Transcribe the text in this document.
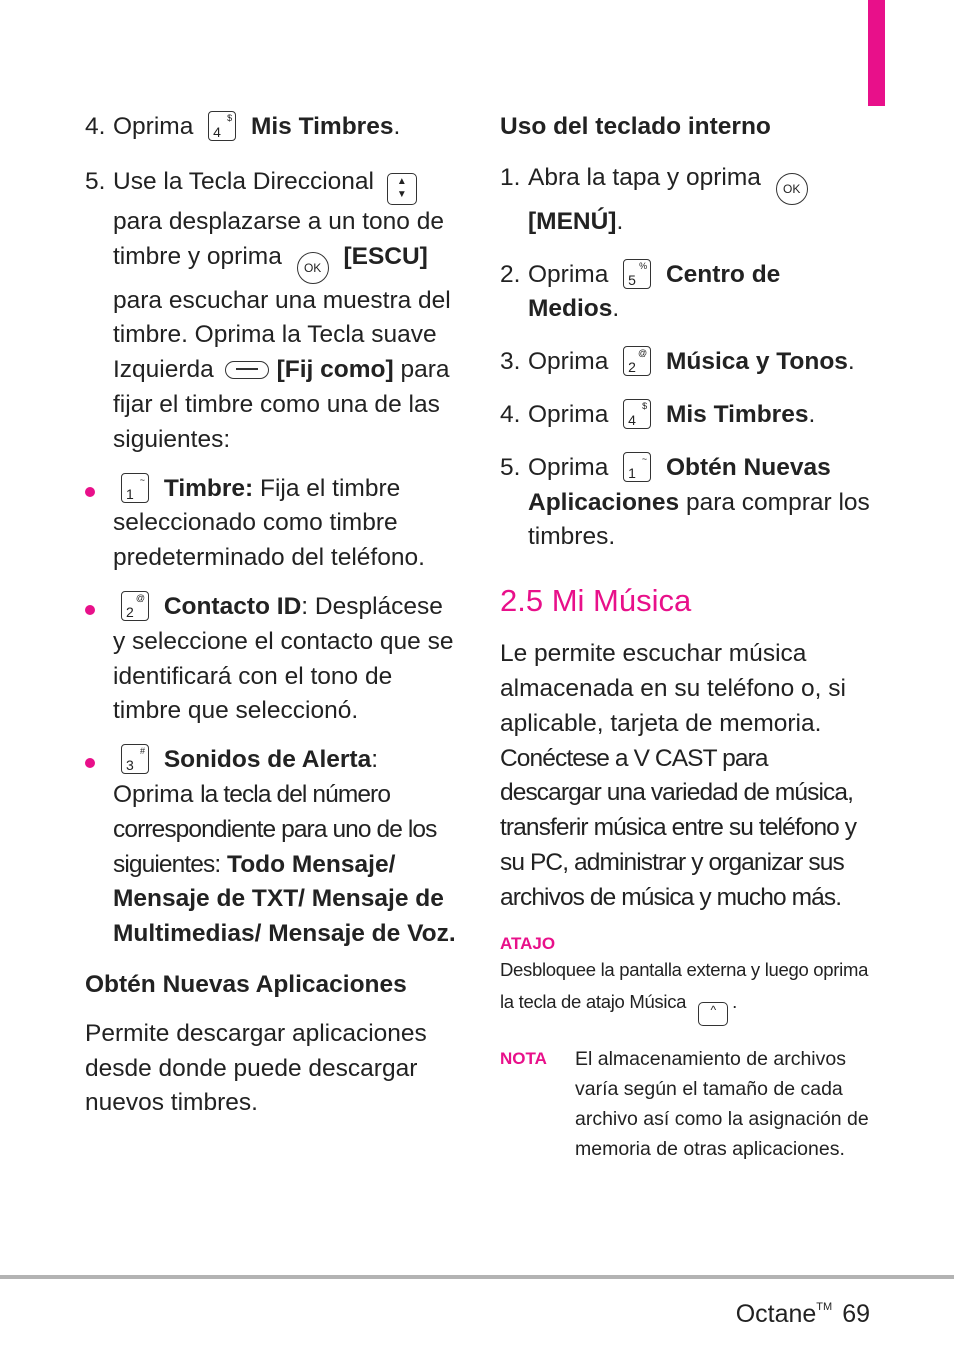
4. Oprima 4
$ Mis Timbres.

5. Use la Tecla Direccional ▲
▼ para desplazarse a un tono de timbre y oprima OK [ESCU] para escuchar una muestra del timbre. Oprima la Tecla suave Izquierda	[Fij como] para fijar el timbre como una de las siguientes:

1
~ Timbre: Fija el timbre seleccionado como timbre predeterminado del teléfono.

2
@ Contacto ID: Desplácese y seleccione el contacto que se identificará con el tono de timbre que seleccionó.

3
# Sonidos de Alerta: Oprima la tecla del número correspondiente para uno de los siguientes: Todo Mensaje/ Mensaje de TXT/ Mensaje de Multimedias/ Mensaje de Voz.

Obtén Nuevas Aplicaciones

Permite descargar aplicaciones desde donde puede descargar nuevos timbres.

Uso del teclado interno

1. Abra la tapa y oprima OK [MENÚ].

2. Oprima 5
% Centro de Medios.

3. Oprima 2
@ Música y Tonos.

4. Oprima 4
$ Mis Timbres.

5. Oprima 1
~ Obtén Nuevas Aplicaciones para comprar los timbres.

2.5 Mi Música

Le permite escuchar música almacenada en su teléfono o, si aplicable, tarjeta de memoria. Conéctese a V CAST para descargar una variedad de música, transferir música entre su teléfono y su PC, administrar y organizar sus archivos de música y mucho más.

ATAJO

Desbloquee la pantalla externa y luego oprima la tecla de atajo Música ^ .

NOTA El almacenamiento de archivos varía según el tamaño de cada archivo así como la asignación de memoria de otras aplicaciones.

Octane™ 69
